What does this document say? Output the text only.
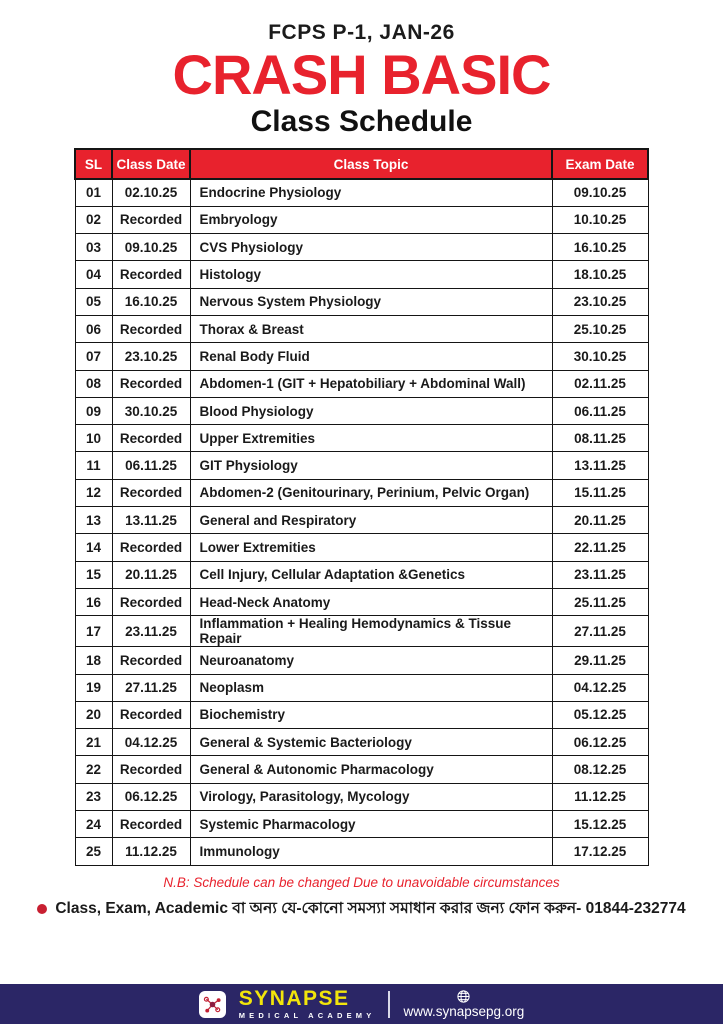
FCPS P-1, JAN-26
CRASH BASIC
Class Schedule
SL	Class Date	Class Topic	Exam Date
01	02.10.25	Endocrine Physiology	09.10.25
02	Recorded	Embryology	10.10.25
03	09.10.25	CVS Physiology	16.10.25
04	Recorded	Histology	18.10.25
05	16.10.25	Nervous System Physiology	23.10.25
06	Recorded	Thorax & Breast	25.10.25
07	23.10.25	Renal Body Fluid	30.10.25
08	Recorded	Abdomen-1 (GIT + Hepatobiliary + Abdominal Wall)	02.11.25
09	30.10.25	Blood Physiology	06.11.25
10	Recorded	Upper Extremities	08.11.25
11	06.11.25	GIT Physiology	13.11.25
12	Recorded	Abdomen-2 (Genitourinary, Perinium, Pelvic Organ)	15.11.25
13	13.11.25	General and Respiratory	20.11.25
14	Recorded	Lower Extremities	22.11.25
15	20.11.25	Cell Injury, Cellular Adaptation &Genetics	23.11.25
16	Recorded	Head-Neck Anatomy	25.11.25
17	23.11.25	Inflammation + Healing Hemodynamics & Tissue Repair	27.11.25
18	Recorded	Neuroanatomy	29.11.25
19	27.11.25	Neoplasm	04.12.25
20	Recorded	Biochemistry	05.12.25
21	04.12.25	General & Systemic Bacteriology	06.12.25
22	Recorded	General & Autonomic Pharmacology	08.12.25
23	06.12.25	Virology, Parasitology, Mycology	11.12.25
24	Recorded	Systemic Pharmacology	15.12.25
25	11.12.25	Immunology	17.12.25

N.B: Schedule can be changed Due to unavoidable circumstances

Class, Exam, Academic বা অন্য যে-কোনো সমস্যা সমাধান করার জন্য ফোন করুন- 01844-232774
SYNAPSE
MEDICAL ACADEMY www.synapsepg.org
